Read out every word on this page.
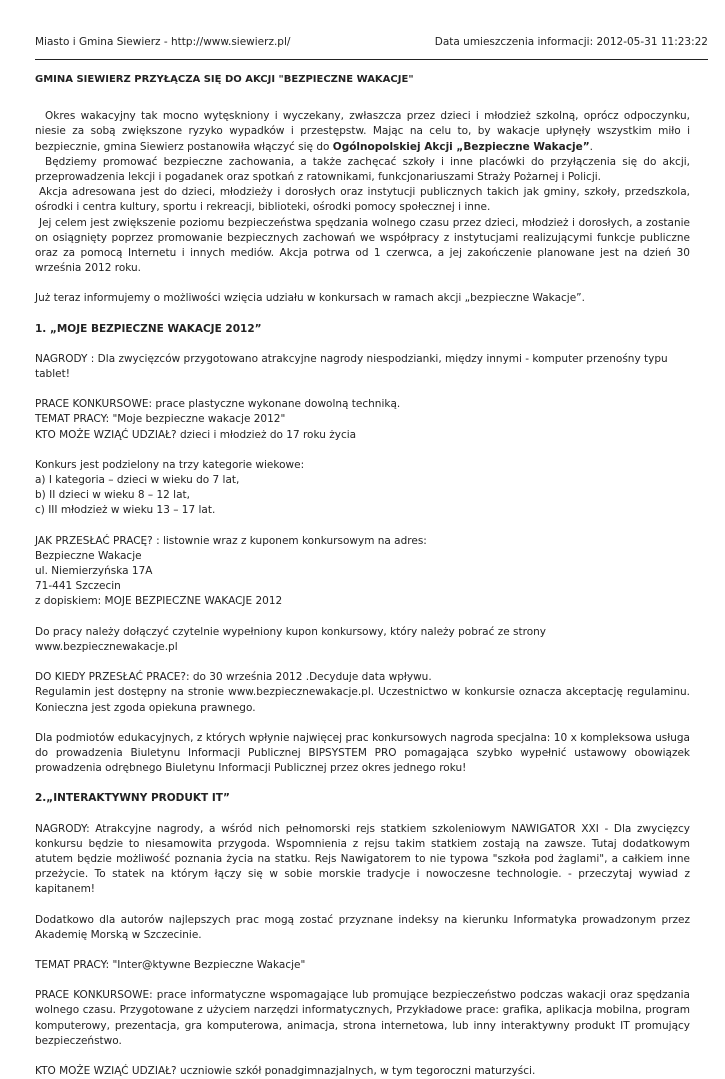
Miasto i Gmina Siewierz - http://www.siewierz.pl/	Data umieszczenia informacji: 2012-05-31 11:23:22

GMINA SIEWIERZ PRZYŁĄCZA SIĘ DO AKCJI "BEZPIECZNE WAKACJE"

Okres wakacyjny tak mocno wytęskniony i wyczekany, zwłaszcza przez dzieci i młodzież szkolną, oprócz odpoczynku, niesie za sobą zwiększone ryzyko wypadków i przestępstw. Mając na celu to, by wakacje upłynęły wszystkim miło i bezpiecznie, gmina Siewierz postanowiła włączyć się do Ogólnopolskiej Akcji „Bezpieczne Wakacje”.

Będziemy promować bezpieczne zachowania, a także zachęcać szkoły i inne placówki do przyłączenia się do akcji, przeprowadzenia lekcji i pogadanek oraz spotkań z ratownikami, funkcjonariuszami Straży Pożarnej i Policji.

Akcja adresowana jest do dzieci, młodzieży i dorosłych oraz instytucji publicznych takich jak gminy, szkoły, przedszkola, ośrodki i centra kultury, sportu i rekreacji, biblioteki, ośrodki pomocy społecznej i inne.

Jej celem jest zwiększenie poziomu bezpieczeństwa spędzania wolnego czasu przez dzieci, młodzież i dorosłych, a zostanie on osiągnięty poprzez promowanie bezpiecznych zachowań we współpracy z instytucjami realizującymi funkcje publiczne oraz za pomocą Internetu i innych mediów. Akcja potrwa od 1 czerwca, a jej zakończenie planowane jest na dzień 30 września 2012 roku.

Już teraz informujemy o możliwości wzięcia udziału w konkursach w ramach akcji „bezpieczne Wakacje”.

1. „MOJE BEZPIECZNE WAKACJE 2012”

NAGRODY : Dla zwycięzców przygotowano atrakcyjne nagrody niespodzianki, między innymi - komputer przenośny typu tablet!

PRACE KONKURSOWE: prace plastyczne wykonane dowolną techniką.

TEMAT PRACY: "Moje bezpieczne wakacje 2012"

KTO MOŻE WZIĄĆ UDZIAŁ? dzieci i młodzież do 17 roku życia

Konkurs jest podzielony na trzy kategorie wiekowe:

a) I kategoria – dzieci w wieku do 7 lat,

b) II dzieci w wieku 8 – 12 lat,

c) III młodzież w wieku 13 – 17 lat.

JAK PRZESŁAĆ PRACĘ? : listownie wraz z kuponem konkursowym na adres:

Bezpieczne Wakacje

ul. Niemierzyńska 17A

71-441 Szczecin

z dopiskiem: MOJE BEZPIECZNE WAKACJE 2012

Do pracy należy dołączyć czytelnie wypełniony kupon konkursowy, który należy pobrać ze strony www.bezpiecznewakacje.pl

DO KIEDY PRZESŁAĆ PRACE?: do 30 września 2012 .Decyduje data wpływu.

Regulamin jest dostępny na stronie www.bezpiecznewakacje.pl. Uczestnictwo w konkursie oznacza akceptację regulaminu. Konieczna jest zgoda opiekuna prawnego.

Dla podmiotów edukacyjnych, z których wpłynie najwięcej prac konkursowych nagroda specjalna: 10 x kompleksowa usługa do prowadzenia Biuletynu Informacji Publicznej BIPSYSTEM PRO pomagająca szybko wypełnić ustawowy obowiązek prowadzenia odrębnego Biuletynu Informacji Publicznej przez okres jednego roku!

2.„INTERAKTYWNY PRODUKT IT”

NAGRODY: Atrakcyjne nagrody, a wśród nich pełnomorski rejs statkiem szkoleniowym NAWIGATOR XXI - Dla zwycięzcy konkursu będzie to niesamowita przygoda. Wspomnienia z rejsu takim statkiem zostają na zawsze. Tutaj dodatkowym atutem będzie możliwość poznania życia na statku. Rejs Nawigatorem to nie typowa "szkoła pod żaglami", a całkiem inne przeżycie. To statek na którym łączy się w sobie morskie tradycje i nowoczesne technologie. - przeczytaj wywiad z kapitanem!

Dodatkowo dla autorów najlepszych prac mogą zostać przyznane indeksy na kierunku Informatyka prowadzonym przez Akademię Morską w Szczecinie.

TEMAT PRACY: "Inter@ktywne Bezpieczne Wakacje"

PRACE KONKURSOWE: prace informatyczne wspomagające lub promujące bezpieczeństwo podczas wakacji oraz spędzania wolnego czasu. Przygotowane z użyciem narzędzi informatycznych, Przykładowe prace: grafika, aplikacja mobilna, program komputerowy, prezentacja, gra komputerowa, animacja, strona internetowa, lub inny interaktywny produkt IT promujący bezpieczeństwo.

KTO MOŻE WZIĄĆ UDZIAŁ? uczniowie szkół ponadgimnazjalnych, w tym tegoroczni maturzyści.
